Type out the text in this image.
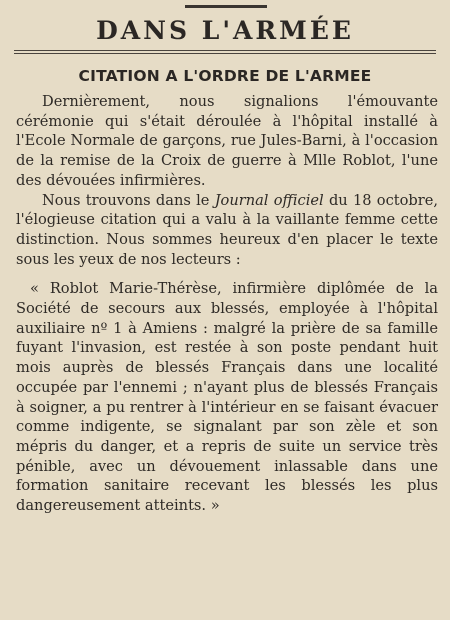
DANS L'ARMÉE
CITATION A L'ORDRE DE L'ARMEE

Dernièrement, nous signalions l'émouvante cérémonie qui s'était déroulée à l'hôpital installé à l'Ecole Normale de garçons, rue Jules-Barni, à l'occasion de la remise de la Croix de guerre à Mlle Roblot, l'une des dévouées infirmières.

Nous trouvons dans le Journal officiel du 18 octobre, l'élogieuse citation qui a valu à la vaillante femme cette distinction. Nous sommes heureux d'en placer le texte sous les yeux de nos lecteurs :

« Roblot Marie-Thérèse, infirmière diplômée de la Société de secours aux blessés, employée à l'hôpital auxiliaire nº 1 à Amiens : malgré la prière de sa famille fuyant l'invasion, est restée à son poste pendant huit mois auprès de blessés Français dans une localité occupée par l'ennemi ; n'ayant plus de blessés Français à soigner, a pu rentrer à l'intérieur en se faisant évacuer comme indigente, se signalant par son zèle et son mépris du danger, et a repris de suite un service très pénible, avec un dévouement inlassable dans une formation sanitaire recevant les blessés les plus dangereusement atteints. »
